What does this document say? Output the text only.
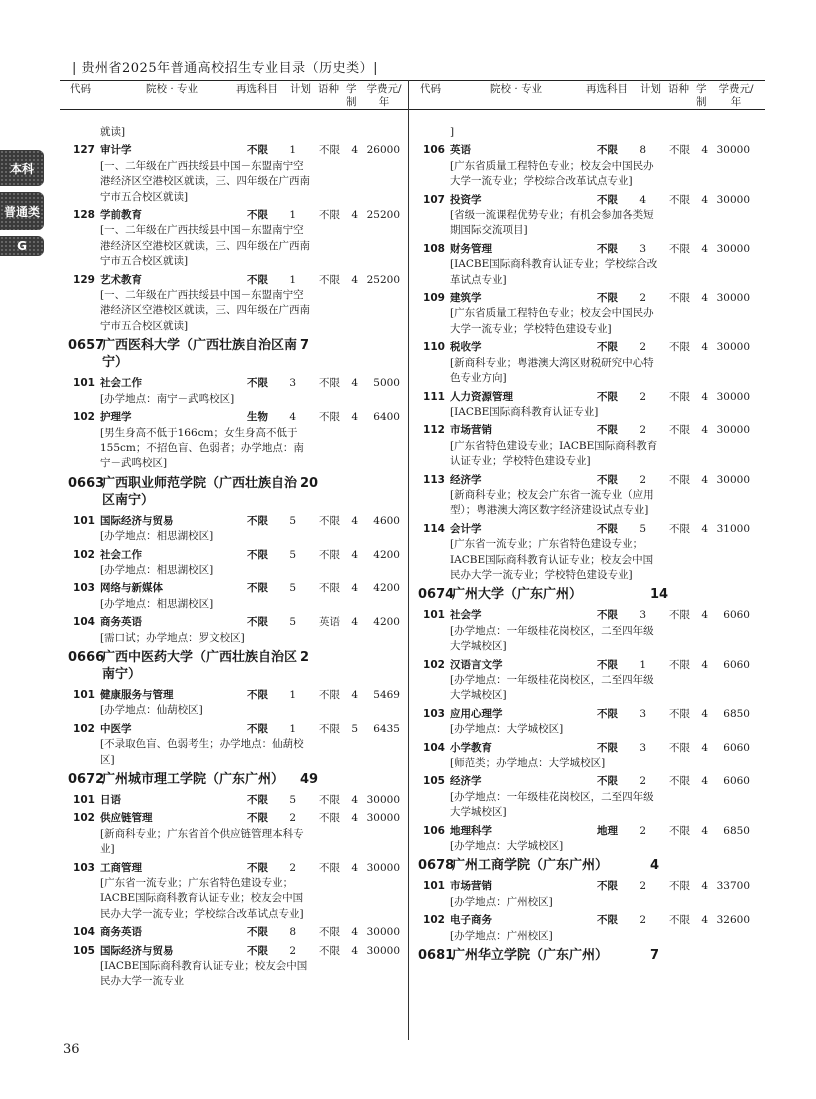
| 贵州省2025年普通高校招生专业目录（历史类）|
本科
普通类
G
代码	院校 · 专业	再选科目 计划 语种 学制
学费元/年
代码	院校 · 专业	再选科目 计划 语种 学制
学费元/年
就读]
127 审计学	不限	1	不限	4 26000
[一、二年级在广西扶绥县中国－东盟南宁空港经济区空港校区就读，三、四年级在广西南宁市五合校区就读]
128 学前教育	不限	1	不限	4 25200
[一、二年级在广西扶绥县中国－东盟南宁空港经济区空港校区就读，三、四年级在广西南宁市五合校区就读]
129 艺术教育	不限	1	不限	4 25200
[一、二年级在广西扶绥县中国－东盟南宁空港经济区空港校区就读，三、四年级在广西南宁市五合校区就读]
0657
广西医科大学（广西壮族自治区南宁）
7
101 社会工作	不限	3	不限	4	5000
[办学地点：南宁－武鸣校区]
102 护理学	生物	4	不限	4	6400
[男生身高不低于166cm；女生身高不低于155cm；不招色盲、色弱者；办学地点：南宁－武鸣校区]
0663
广西职业师范学院（广西壮族自治区南宁）
20
101 国际经济与贸易	不限	5	不限	4	4600
[办学地点：相思湖校区]
102 社会工作	不限	5	不限	4	4200
[办学地点：相思湖校区]
103 网络与新媒体	不限	5	不限	4	4200
[办学地点：相思湖校区]
104 商务英语	不限	5	英语	4	4200
[需口试；办学地点：罗文校区]
0666
广西中医药大学（广西壮族自治区南宁）
2
101 健康服务与管理	不限	1	不限	4	5469
[办学地点：仙葫校区]
102 中医学	不限	1	不限	5	6435
[不录取色盲、色弱考生；办学地点：仙葫校区]
0672
广州城市理工学院（广东广州）	49
101 日语	不限	5	不限	4 30000
102 供应链管理	不限	2	不限	4 30000
[新商科专业；广东省首个供应链管理本科专业]
103 工商管理	不限	2	不限	4 30000
[广东省一流专业；广东省特色建设专业；IACBE国际商科教育认证专业；校友会中国民办大学一流专业；学校综合改革试点专业]
104 商务英语	不限	8	不限	4 30000
105 国际经济与贸易	不限	2	不限	4 30000
[IACBE国际商科教育认证专业；校友会中国民办大学一流专业
]
106 英语	不限	8	不限	4 30000
[广东省质量工程特色专业；校友会中国民办大学一流专业；学校综合改革试点专业]
107 投资学	不限	4	不限	4 30000
[省级一流课程优势专业；有机会参加各类短期国际交流项目]
108 财务管理	不限	3	不限	4 30000
[IACBE国际商科教育认证专业；学校综合改革试点专业]
109 建筑学	不限	2	不限	4 30000
[广东省质量工程特色专业；校友会中国民办大学一流专业；学校特色建设专业]
110 税收学	不限	2	不限	4 30000
[新商科专业；粤港澳大湾区财税研究中心特色专业方向]
111 人力资源管理	不限	2	不限	4 30000
[IACBE国际商科教育认证专业]
112 市场营销	不限	2	不限	4 30000
[广东省特色建设专业；IACBE国际商科教育认证专业；学校特色建设专业]
113 经济学	不限	2	不限	4 30000
[新商科专业；校友会广东省一流专业（应用型）；粤港澳大湾区数字经济建设试点专业]
114 会计学	不限	5	不限	4 31000
[广东省一流专业；广东省特色建设专业；IACBE国际商科教育认证专业；校友会中国民办大学一流专业；学校特色建设专业]
0674
广州大学（广东广州）	14
101 社会学	不限	3	不限	4	6060
[办学地点：一年级桂花岗校区，二至四年级大学城校区]
102 汉语言文学	不限	1	不限	4	6060
[办学地点：一年级桂花岗校区，二至四年级大学城校区]
103 应用心理学	不限	3	不限	4	6850
[办学地点：大学城校区]
104 小学教育	不限	3	不限	4	6060
[师范类；办学地点：大学城校区]
105 经济学	不限	2	不限	4	6060
[办学地点：一年级桂花岗校区，二至四年级大学城校区]
106 地理科学	地理	2	不限	4	6850
[办学地点：大学城校区]
0678
广州工商学院（广东广州）	4
101 市场营销	不限	2	不限	4 33700
[办学地点：广州校区]
102 电子商务	不限	2	不限	4 32600
[办学地点：广州校区]
0681
广州华立学院（广东广州）	7
36
